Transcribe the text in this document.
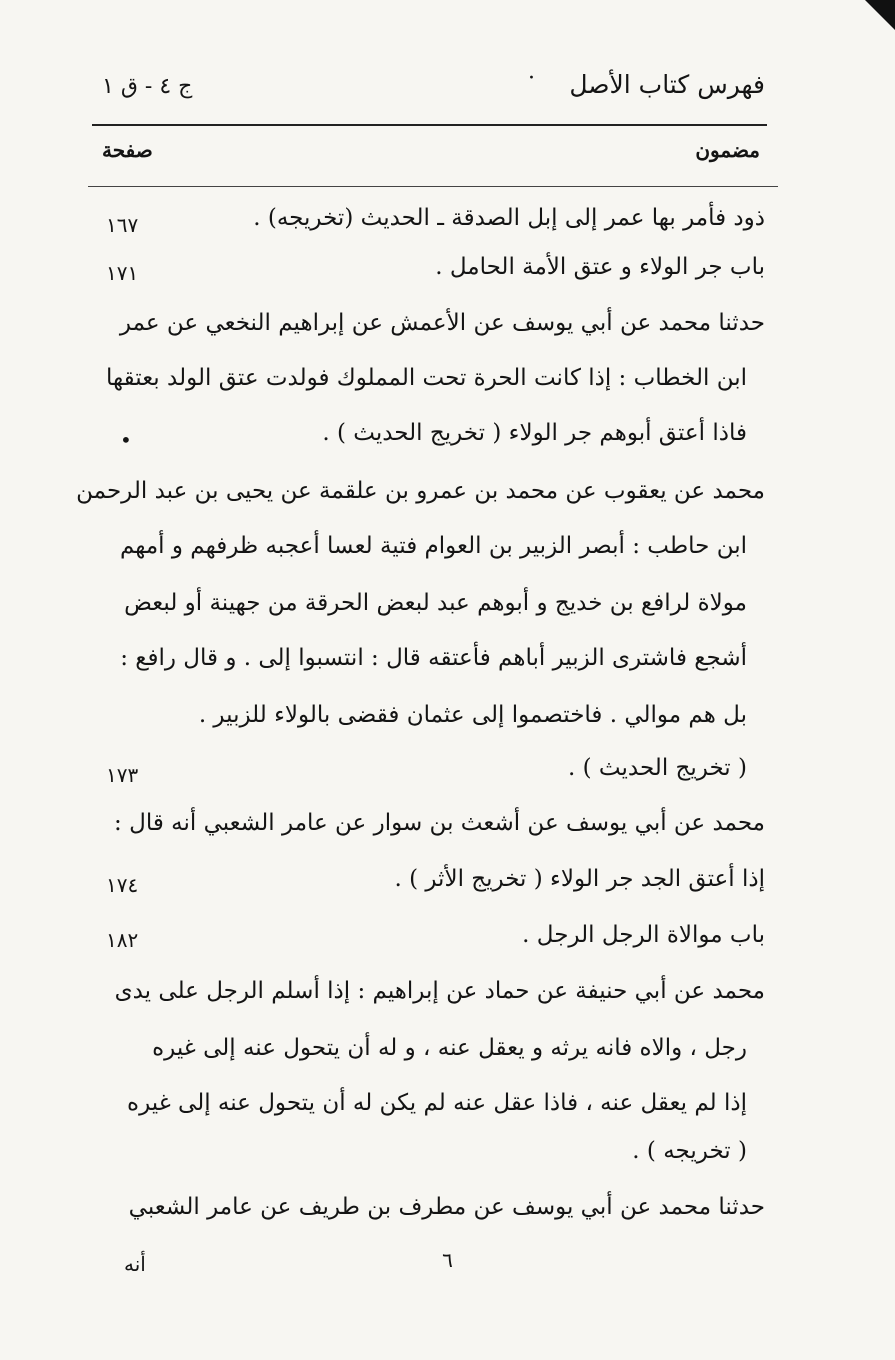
فهرس كتاب الأصل
·
ج ٤ - ق ١
مضمون
صفحة
ذود فأمر بها عمر إلى إبل الصدقة ـ الحديث (تخريجه) .
باب جر الولاء و عتق الأمة الحامل .
حدثنا محمد عن أبي يوسف عن الأعمش عن إبراهيم النخعي عن عمر
ابن الخطاب : إذا كانت الحرة تحت المملوك فولدت عتق الولد بعتقها
فاذا أعتق أبوهم جر الولاء ( تخريج الحديث ) .
محمد عن يعقوب عن محمد بن عمرو بن علقمة عن يحيى بن عبد الرحمن
ابن حاطب : أبصر الزبير بن العوام فتية لعسا أعجبه ظرفهم و أمهم
مولاة لرافع بن خديج و أبوهم عبد لبعض الحرقة من جهينة أو لبعض
أشجع فاشترى الزبير أباهم فأعتقه قال : انتسبوا إلى . و قال رافع :
بل هم موالي . فاختصموا إلى عثمان فقضى بالولاء للزبير .
( تخريج الحديث ) .
محمد عن أبي يوسف عن أشعث بن سوار عن عامر الشعبي أنه قال :
إذا أعتق الجد جر الولاء ( تخريج الأثر ) .
باب موالاة الرجل الرجل .
محمد عن أبي حنيفة عن حماد عن إبراهيم : إذا أسلم الرجل على يدى
رجل ، والاه فانه يرثه و يعقل عنه ، و له أن يتحول عنه إلى غيره
إذا لم يعقل عنه ، فاذا عقل عنه لم يكن له أن يتحول عنه إلى غيره
( تخريجه ) .
حدثنا محمد عن أبي يوسف عن مطرف بن طريف عن عامر الشعبي
١٦٧
١٧١
١٧٣
١٧٤
١٨٢
•
٦
أنه
